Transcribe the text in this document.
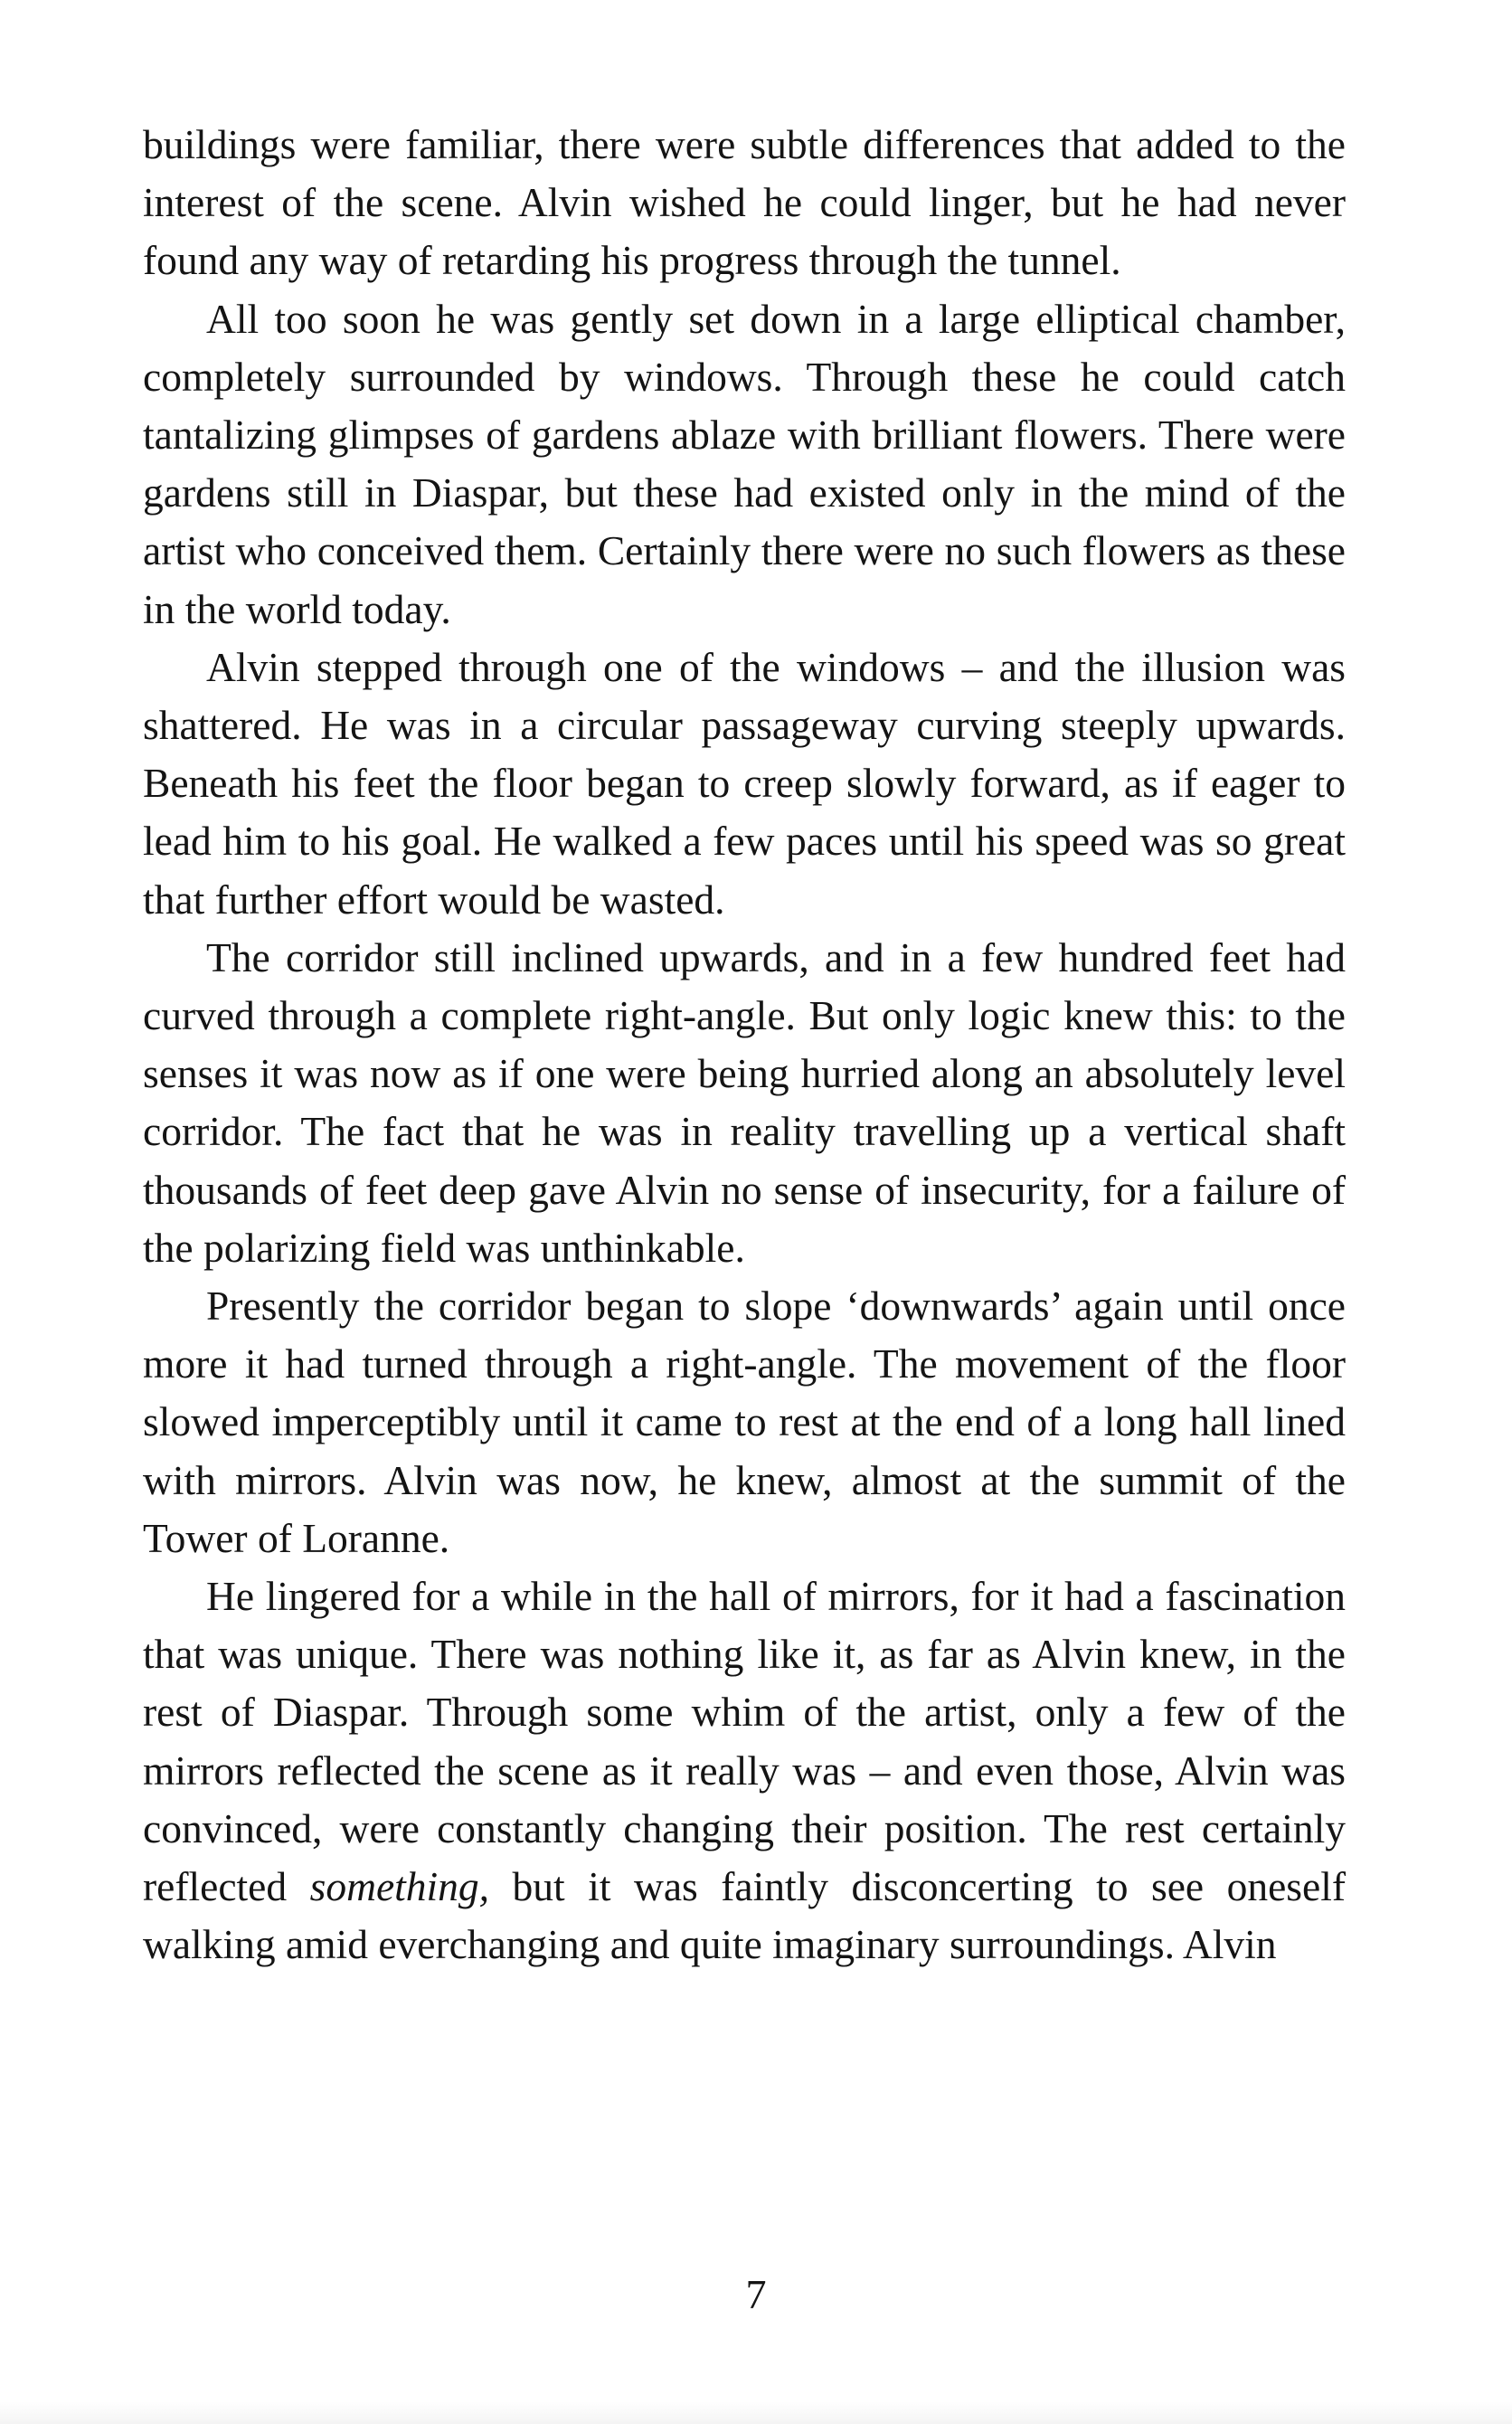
buildings were familiar, there were subtle differences that added to the interest of the scene. Alvin wished he could linger, but he had never found any way of retarding his progress through the tunnel.

All too soon he was gently set down in a large elliptical chamber, completely surrounded by windows. Through these he could catch tantalizing glimpses of gardens ablaze with brilliant flowers. There were gardens still in Diaspar, but these had existed only in the mind of the artist who conceived them. Certainly there were no such flowers as these in the world today.

Alvin stepped through one of the windows – and the illusion was shattered. He was in a circular passageway curving steeply upwards. Beneath his feet the floor began to creep slowly forward, as if eager to lead him to his goal. He walked a few paces until his speed was so great that further effort would be wasted.

The corridor still inclined upwards, and in a few hundred feet had curved through a complete right-angle. But only logic knew this: to the senses it was now as if one were being hurried along an absolutely level corridor. The fact that he was in reality travelling up a vertical shaft thousands of feet deep gave Alvin no sense of insecurity, for a failure of the polarizing field was unthinkable.

Presently the corridor began to slope ‘downwards’ again until once more it had turned through a right-angle. The movement of the floor slowed imperceptibly until it came to rest at the end of a long hall lined with mirrors. Alvin was now, he knew, almost at the summit of the Tower of Loranne.

He lingered for a while in the hall of mirrors, for it had a fascination that was unique. There was nothing like it, as far as Alvin knew, in the rest of Diaspar. Through some whim of the artist, only a few of the mirrors reflected the scene as it really was – and even those, Alvin was convinced, were constantly changing their position. The rest certainly reflected something, but it was faintly disconcerting to see oneself walking amid everchanging and quite imaginary surroundings. Alvin

7
